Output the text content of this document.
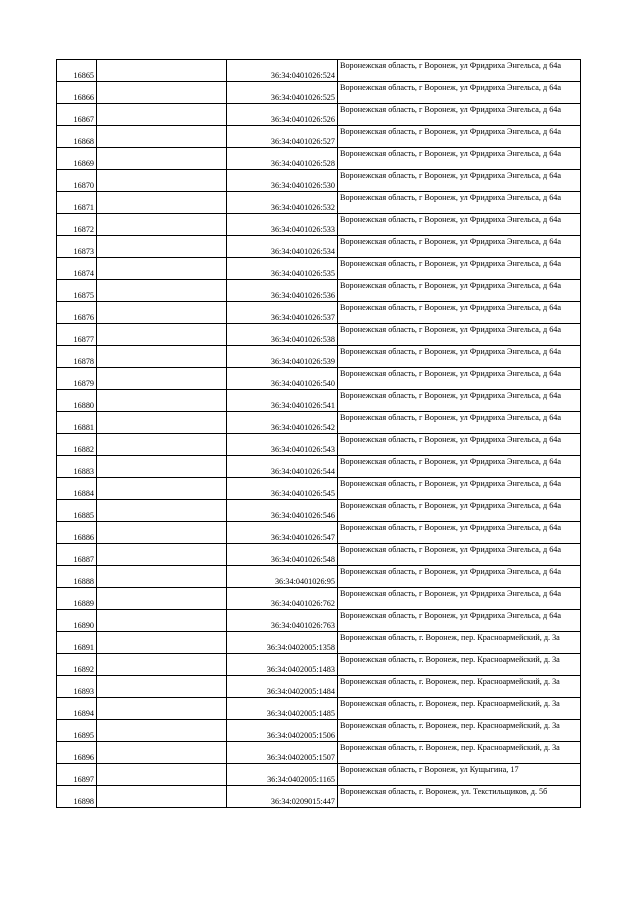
16865		36:34:0401026:524	Воронежская область, г Воронеж, ул Фридриха Энгельса, д 64а
16866		36:34:0401026:525	Воронежская область, г Воронеж, ул Фридриха Энгельса, д 64а
16867		36:34:0401026:526	Воронежская область, г Воронеж, ул Фридриха Энгельса, д 64а
16868		36:34:0401026:527	Воронежская область, г Воронеж, ул Фридриха Энгельса, д 64а
16869		36:34:0401026:528	Воронежская область, г Воронеж, ул Фридриха Энгельса, д 64а
16870		36:34:0401026:530	Воронежская область, г Воронеж, ул Фридриха Энгельса, д 64а
16871		36:34:0401026:532	Воронежская область, г Воронеж, ул Фридриха Энгельса, д 64а
16872		36:34:0401026:533	Воронежская область, г Воронеж, ул Фридриха Энгельса, д 64а
16873		36:34:0401026:534	Воронежская область, г Воронеж, ул Фридриха Энгельса, д 64а
16874		36:34:0401026:535	Воронежская область, г Воронеж, ул Фридриха Энгельса, д 64а
16875		36:34:0401026:536	Воронежская область, г Воронеж, ул Фридриха Энгельса, д 64а
16876		36:34:0401026:537	Воронежская область, г Воронеж, ул Фридриха Энгельса, д 64а
16877		36:34:0401026:538	Воронежская область, г Воронеж, ул Фридриха Энгельса, д 64а
16878		36:34:0401026:539	Воронежская область, г Воронеж, ул Фридриха Энгельса, д 64а
16879		36:34:0401026:540	Воронежская область, г Воронеж, ул Фридриха Энгельса, д 64а
16880		36:34:0401026:541	Воронежская область, г Воронеж, ул Фридриха Энгельса, д 64а
16881		36:34:0401026:542	Воронежская область, г Воронеж, ул Фридриха Энгельса, д 64а
16882		36:34:0401026:543	Воронежская область, г Воронеж, ул Фридриха Энгельса, д 64а
16883		36:34:0401026:544	Воронежская область, г Воронеж, ул Фридриха Энгельса, д 64а
16884		36:34:0401026:545	Воронежская область, г Воронеж, ул Фридриха Энгельса, д 64а
16885		36:34:0401026:546	Воронежская область, г Воронеж, ул Фридриха Энгельса, д 64а
16886		36:34:0401026:547	Воронежская область, г Воронеж, ул Фридриха Энгельса, д 64а
16887		36:34:0401026:548	Воронежская область, г Воронеж, ул Фридриха Энгельса, д 64а
16888		36:34:0401026:95	Воронежская область, г Воронеж, ул Фридриха Энгельса, д 64а
16889		36:34:0401026:762	Воронежская область, г Воронеж, ул Фридриха Энгельса, д 64а
16890		36:34:0401026:763	Воронежская область, г Воронеж, ул Фридриха Энгельса, д 64а
16891		36:34:0402005:1358	Воронежская область, г. Воронеж, пер. Красноармейский, д. 3а
16892		36:34:0402005:1483	Воронежская область, г. Воронеж, пер. Красноармейский, д. 3а
16893		36:34:0402005:1484	Воронежская область, г. Воронеж, пер. Красноармейский, д. 3а
16894		36:34:0402005:1485	Воронежская область, г. Воронеж, пер. Красноармейский, д. 3а
16895		36:34:0402005:1506	Воронежская область, г. Воронеж, пер. Красноармейский, д. 3а
16896		36:34:0402005:1507	Воронежская область, г. Воронеж, пер. Красноармейский, д. 3а
16897		36:34:0402005:1165	Воронежская область, г Воронеж, ул Кущыгина, 17
16898		36:34:0209015:447	Воронежская область, г. Воронеж, ул. Текстильщиков, д. 5б
